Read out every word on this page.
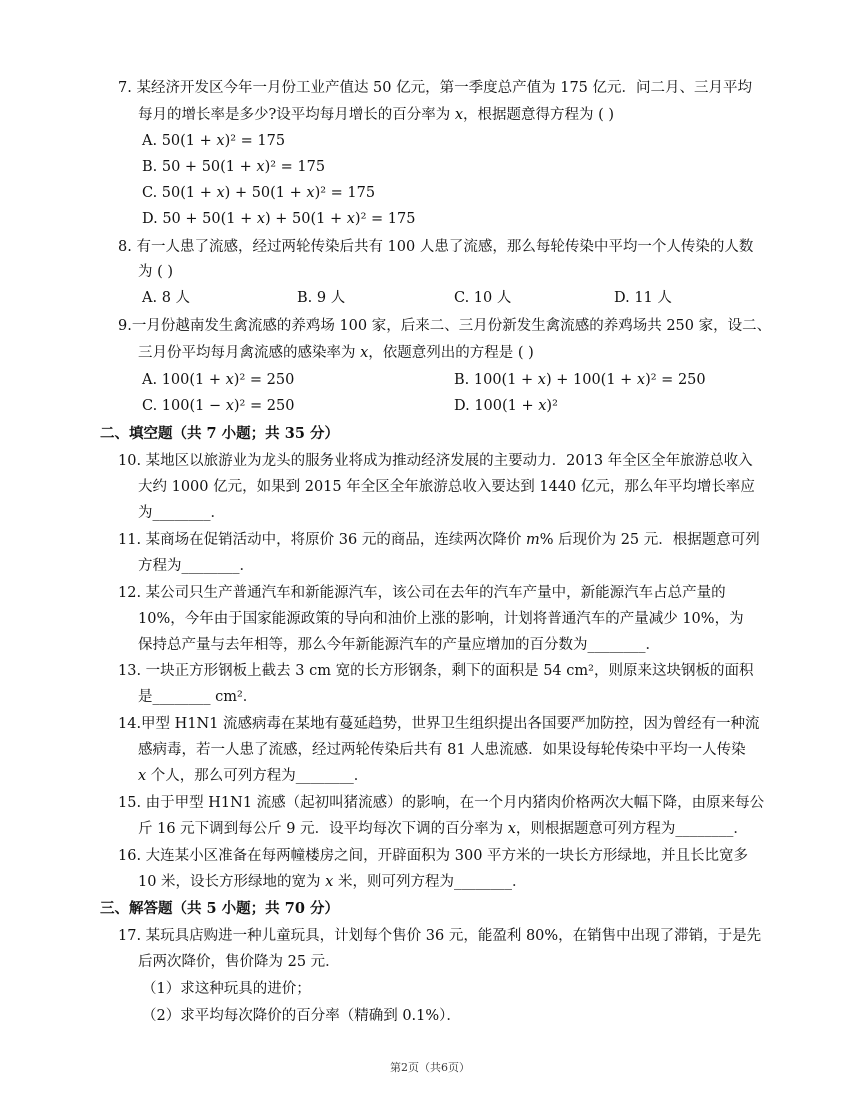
7. 某经济开发区今年一月份工业产值达 50 亿元，第一季度总产值为 175 亿元．问二月、三月平均
每月的增长率是多少?设平均每月增长的百分率为 𝑥，根据题意得方程为 ( )
A. 50(1 + 𝑥)² = 175
B. 50 + 50(1 + 𝑥)² = 175
C. 50(1 + 𝑥) + 50(1 + 𝑥)² = 175
D. 50 + 50(1 + 𝑥) + 50(1 + 𝑥)² = 175
8. 有一人患了流感，经过两轮传染后共有 100 人患了流感，那么每轮传染中平均一个人传染的人数
为 ( )
A. 8 人	B. 9 人	C. 10 人	D. 11 人
9.一月份越南发生禽流感的养鸡场 100 家，后来二、三月份新发生禽流感的养鸡场共 250 家，设二、
三月份平均每月禽流感的感染率为 𝑥，依题意列出的方程是 ( )
A. 100(1 + 𝑥)² = 250	B. 100(1 + 𝑥) + 100(1 + 𝑥)² = 250
C. 100(1 − 𝑥)² = 250	D. 100(1 + 𝑥)²
二、填空题（共 7 小题；共 35 分）
10. 某地区以旅游业为龙头的服务业将成为推动经济发展的主要动力．2013 年全区全年旅游总收入
大约 1000 亿元，如果到 2015 年全区全年旅游总收入要达到 1440 亿元，那么年平均增长率应
为________．
11. 某商场在促销活动中，将原价 36 元的商品，连续两次降价 𝑚% 后现价为 25 元．根据题意可列
方程为________．
12. 某公司只生产普通汽车和新能源汽车，该公司在去年的汽车产量中，新能源汽车占总产量的
10%，今年由于国家能源政策的导向和油价上涨的影响，计划将普通汽车的产量减少 10%，为
保持总产量与去年相等，那么今年新能源汽车的产量应增加的百分数为________．
13. 一块正方形钢板上截去 3 cm 宽的长方形钢条，剩下的面积是 54 cm²，则原来这块钢板的面积
是________ cm²．
14.甲型 H1N1 流感病毒在某地有蔓延趋势，世界卫生组织提出各国要严加防控，因为曾经有一种流
感病毒，若一人患了流感，经过两轮传染后共有 81 人患流感．如果设每轮传染中平均一人传染
𝑥 个人，那么可列方程为________．
15. 由于甲型 H1N1 流感（起初叫猪流感）的影响，在一个月内猪肉价格两次大幅下降，由原来每公
斤 16 元下调到每公斤 9 元．设平均每次下调的百分率为 𝑥，则根据题意可列方程为________．
16. 大连某小区准备在每两幢楼房之间，开辟面积为 300 平方米的一块长方形绿地，并且长比宽多
10 米，设长方形绿地的宽为 𝑥 米，则可列方程为________．
三、解答题（共 5 小题；共 70 分）
17. 某玩具店购进一种儿童玩具，计划每个售价 36 元，能盈利 80%，在销售中出现了滞销，于是先
后两次降价，售价降为 25 元．
（1）求这种玩具的进价；
（2）求平均每次降价的百分率（精确到 0.1%）．
第2页（共6页）
